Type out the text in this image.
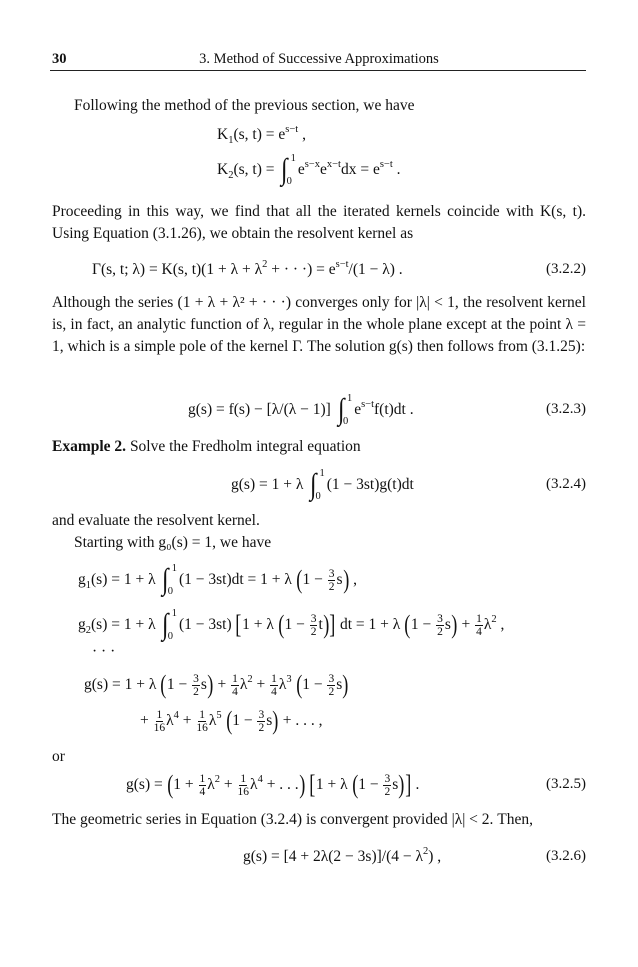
30	3. Method of Successive Approximations
Following the method of the previous section, we have
K 1 (s, t) = e s−t ,
K 2 (s, t) = ∫ 1
0
e s−x e x−t dx = e s−t .
Proceeding in this way, we find that all the iterated kernels coincide with K(s, t). Using Equation (3.1.26), we obtain the resolvent kernel as
Γ(s, t; λ) = K(s, t)(1 + λ + λ 2 + · · ·) = e s−t /(1 − λ) .	(3.2.2)
Although the series (1 + λ + λ² + · · ·) converges only for |λ| < 1, the resolvent kernel is, in fact, an analytic function of λ, regular in the whole plane except at the point λ = 1, which is a simple pole of the kernel Γ. The solution g(s) then follows from (3.1.25):
g(s) = f(s) − [λ/(λ − 1)] ∫ 1
0
e s−t f(t)dt .	(3.2.3)
Example 2. Solve the Fredholm integral equation
g(s) = 1 + λ ∫ 1
0
(1 − 3st)g(t)dt	(3.2.4)
and evaluate the resolvent kernel.
Starting with g₀(s) = 1, we have
g 1 (s) = 1 + λ ∫ 1
0
(1 − 3st)dt = 1 + λ ( $1 - \frac{3}{2}$ s ) ,
g 2 (s) = 1 + λ ∫ 1
0
(1 − 3st) [ 1 + λ ( $1 - \frac{3}{2}$ t ) ] dt = 1 + λ ( $1 - \frac{3}{2}$ s ) + $\frac{1}{4}$ λ 2 ,
· · ·
g(s) = 1 + λ ( $1 - \frac{3}{2}$ s ) + $\frac{1}{4}$ λ $2 + \frac{1}{4}$ λ 3
( $1 - \frac{3}{2}$ s )
+ $\frac{1}{16}$ λ $4 + \frac{1}{16}$ λ 5
( $1 - \frac{3}{2}$ s ) + . . . ,
or
g(s) = ( $1 + \frac{1}{4}$ λ $2 + \frac{1}{16}$ λ 4 + . . . )
[ 1 + λ ( $1 - \frac{3}{2}$ s ) ] .	(3.2.5)
The geometric series in Equation (3.2.4) is convergent provided |λ| < 2. Then,
g(s) = [4 + 2λ(2 − 3s)]/(4 − λ 2 ) ,	(3.2.6)
